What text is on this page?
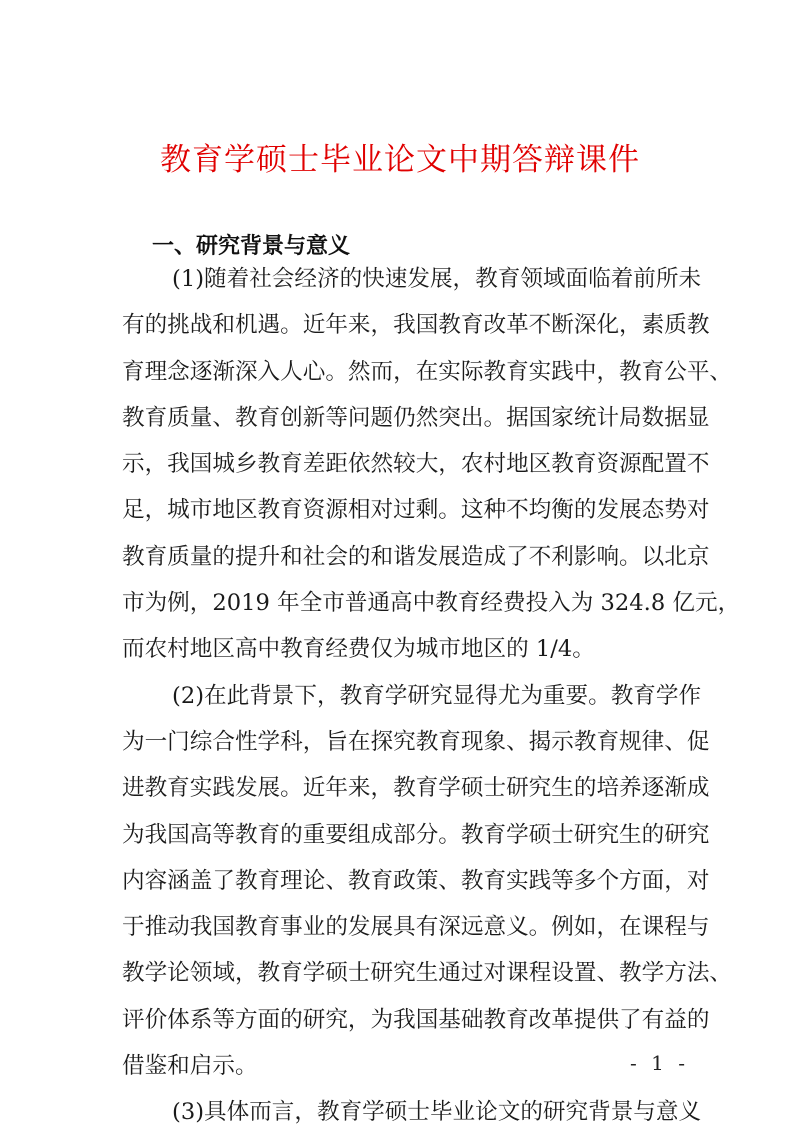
教育学硕士毕业论文中期答辩课件
一、研究背景与意义
(1)随着社会经济的快速发展，教育领域面临着前所未
有的挑战和机遇。近年来，我国教育改革不断深化，素质教
育理念逐渐深入人心。然而，在实际教育实践中，教育公平、
教育质量、教育创新等问题仍然突出。据国家统计局数据显
示，我国城乡教育差距依然较大，农村地区教育资源配置不
足，城市地区教育资源相对过剩。这种不均衡的发展态势对
教育质量的提升和社会的和谐发展造成了不利影响。以北京
市为例，2019 年全市普通高中教育经费投入为 324.8 亿元，
而农村地区高中教育经费仅为城市地区的 1/4。
(2)在此背景下，教育学研究显得尤为重要。教育学作
为一门综合性学科，旨在探究教育现象、揭示教育规律、促
进教育实践发展。近年来，教育学硕士研究生的培养逐渐成
为我国高等教育的重要组成部分。教育学硕士研究生的研究
内容涵盖了教育理论、教育政策、教育实践等多个方面，对
于推动我国教育事业的发展具有深远意义。例如，在课程与
教学论领域，教育学硕士研究生通过对课程设置、教学方法、
评价体系等方面的研究，为我国基础教育改革提供了有益的
借鉴和启示。
(3)具体而言，教育学硕士毕业论文的研究背景与意义
- 1 -
